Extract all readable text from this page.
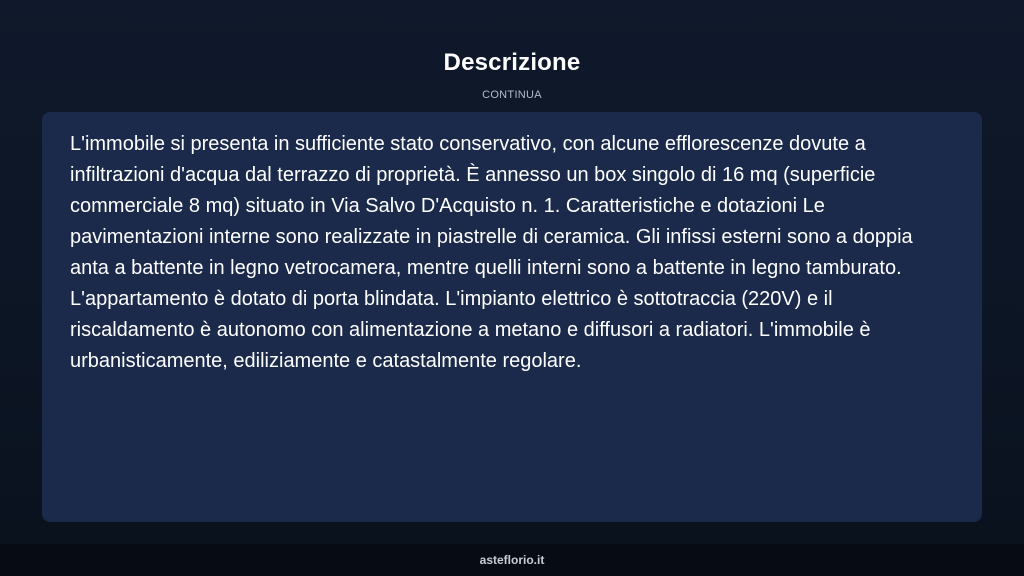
Descrizione
CONTINUA

L'immobile si presenta in sufficiente stato conservativo, con alcune efflorescenze dovute a infiltrazioni d'acqua dal terrazzo di proprietà. È annesso un box singolo di 16 mq (superficie commerciale 8 mq) situato in Via Salvo D'Acquisto n. 1. Caratteristiche e dotazioni Le pavimentazioni interne sono realizzate in piastrelle di ceramica. Gli infissi esterni sono a doppia anta a battente in legno vetrocamera, mentre quelli interni sono a battente in legno tamburato. L'appartamento è dotato di porta blindata. L'impianto elettrico è sottotraccia (220V) e il riscaldamento è autonomo con alimentazione a metano e diffusori a radiatori. L'immobile è urbanisticamente, ediliziamente e catastalmente regolare.

asteflorio.it
